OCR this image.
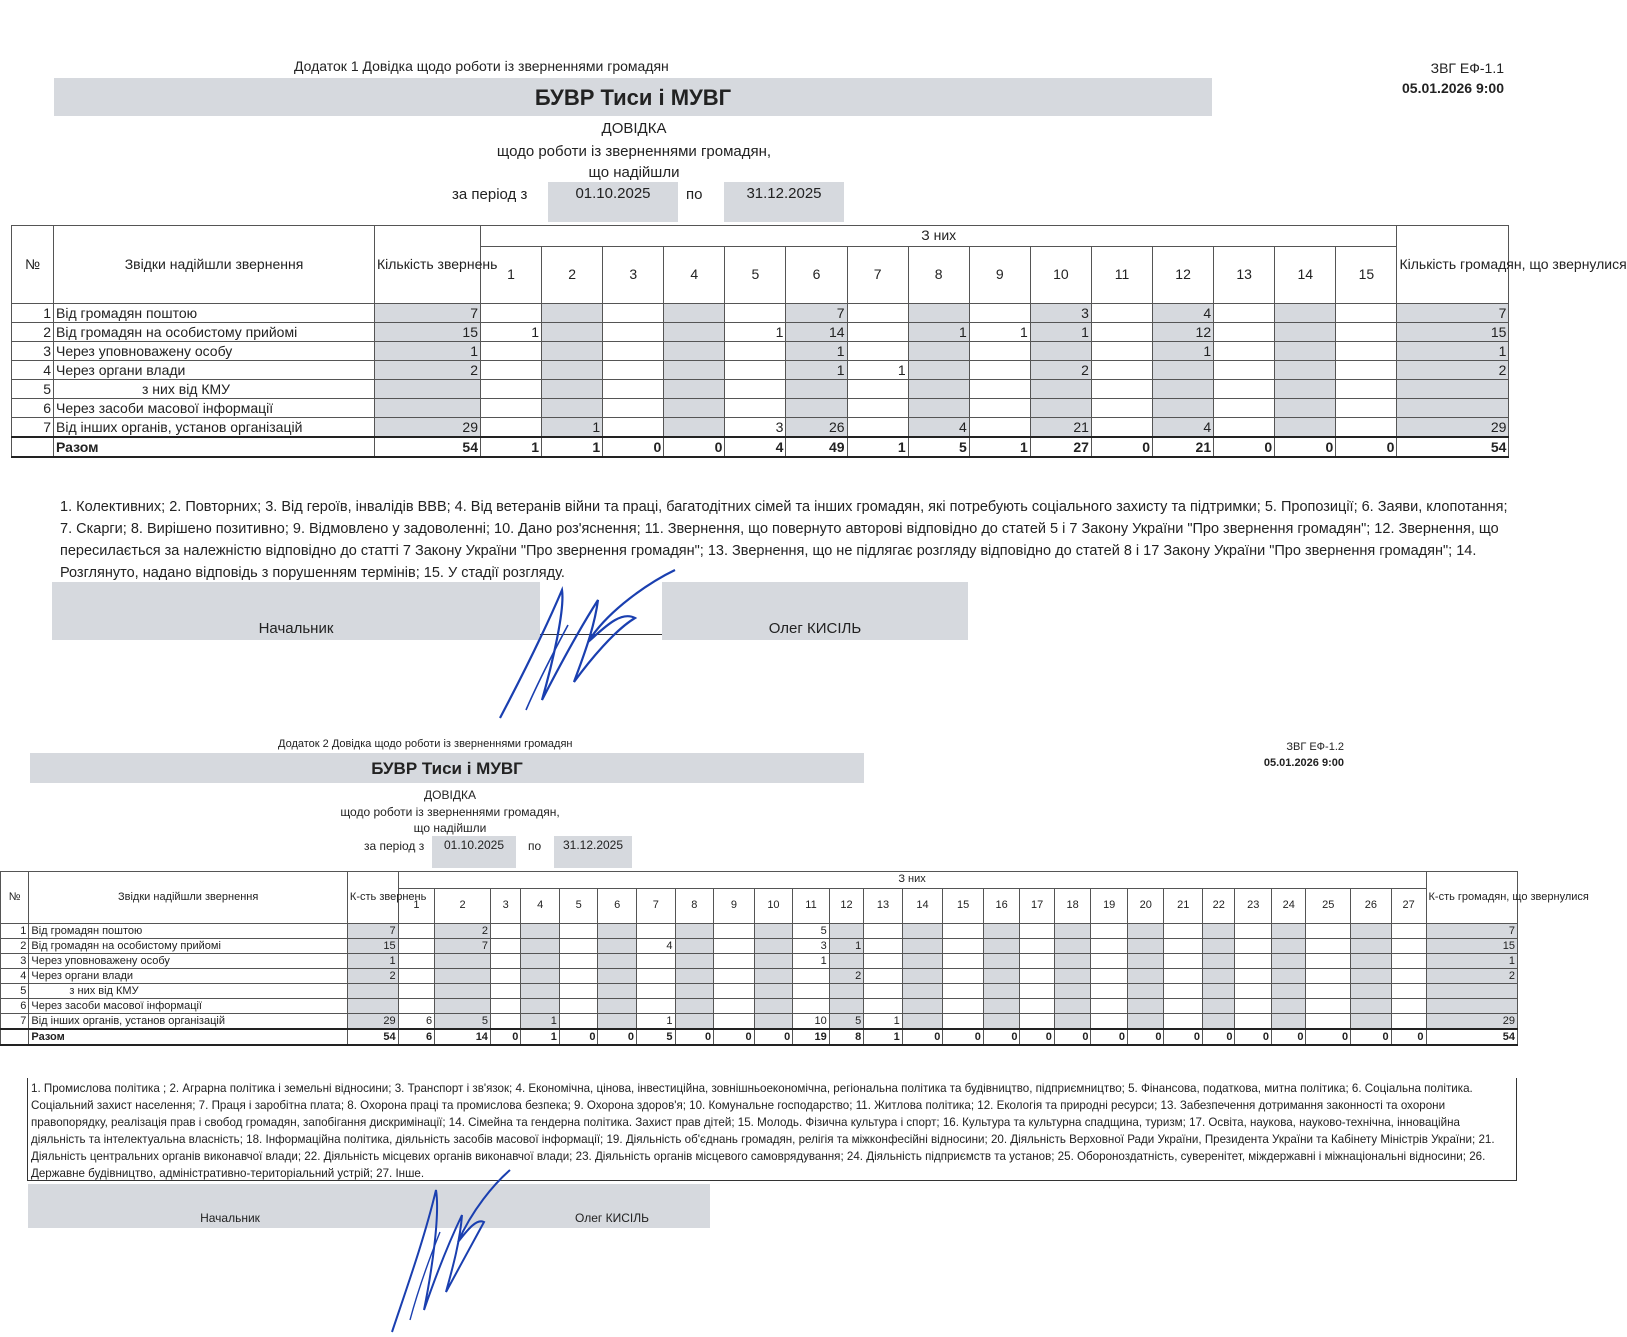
Додаток 1 Довідка щодо роботи із зверненнями громадян	ЗВГ ЕФ-1.1
05.01.2026 9:00
БУВР Тиси і МУВГ
ДОВІДКА
щодо роботи із зверненнями громадян,
що надійшли
за період з	01.10.2025	по	31.12.2025
№	Звідки надійшли звернення	Кількість звернень	З них															Кількість громадян, що звернулися
			1	2	3	4	5	6	7	8	9	10	11	12	13	14	15	
1	Від громадян поштою	7						7				3		4				7
2	Від громадян на особистому прийомі	15	1				1	14		1	1	1		12				15
3	Через уповноважену особу	1						1						1				1
4	Через органи влади	2						1	1			2						2
5	з них від КМУ																	
6	Через засоби масової інформації																	
7	Від інших органів, установ організацій	29		1			3	26		4		21		4				29
	Разом	54	1	1	0	0	4	49	1	5	1	27	0	21	0	0	0	54
1. Колективних; 2. Повторних; 3. Від героїв, інвалідів ВВВ; 4. Від ветеранів війни та праці, багатодітних сімей та інших громадян, які потребують соціального захисту та підтримки; 5. Пропозиції; 6. Заяви, клопотання; 7. Скарги; 8. Вирішено позитивно; 9. Відмовлено у задоволенні; 10. Дано роз'яснення; 11. Звернення, що повернуто авторові відповідно до статей 5 і 7 Закону України "Про звернення громадян"; 12. Звернення, що пересилається за належністю відповідно до статті 7 Закону України "Про звернення громадян"; 13. Звернення, що не підлягає розгляду відповідно до статей 8 і 17 Закону України "Про звернення громадян"; 14. Розглянуто, надано відповідь з порушенням термінів; 15. У стадії розгляду.
Начальник	Олег КИСІЛЬ
Додаток 2 Довідка щодо роботи із зверненнями громадян	ЗВГ ЕФ-1.2
05.01.2026 9:00
БУВР Тиси і МУВГ
ДОВІДКА
щодо роботи із зверненнями громадян,
що надійшли
за період з	01.10.2025	по	31.12.2025
№	Звідки надійшли звернення	К-сть звернень	З них																											К-сть громадян, що звернулися
			1	2	3	4	5	6	7	8	9	10	11	12	13	14	15	16	17	18	19	20	21	22	23	24	25	26	27	
1	Від громадян поштою	7		2									5																	7
2	Від громадян на особистому прийомі	15		7					4				3	1																15
3	Через уповноважену особу	1											1																	1
4	Через органи влади	2												2																2
5	з них від КМУ																													
6	Через засоби масової інформації																													
7	Від інших органів, установ організацій	29	6	5		1			1				10	5	1															29
	Разом	54	6	14	0	1	0	0	5	0	0	0	19	8	1	0	0	0	0	0	0	0	0	0	0	0	0	0	0	54
1. Промислова політика ; 2. Аграрна політика і земельні відносини; 3. Транспорт і зв'язок; 4. Економічна, цінова, інвестиційна, зовнішньоекономічна, регіональна політика та будівництво, підприємництво; 5. Фінансова, податкова, митна політика; 6. Соціальна політика. Соціальний захист населення; 7. Праця і заробітна плата; 8. Охорона праці та промислова безпека; 9. Охорона здоров'я; 10. Комунальне господарство; 11. Житлова політика; 12. Екологія та природні ресурси; 13. Забезпечення дотримання законності та охорони правопорядку, реалізація прав і свобод громадян, запобігання дискримінації; 14. Сімейна та гендерна політика. Захист прав дітей; 15. Молодь. Фізична культура і спорт; 16. Культура та культурна спадщина, туризм; 17. Освіта, наукова, науково-технічна, інноваційна діяльність та інтелектуальна власність; 18. Інформаційна політика, діяльність засобів масової інформації; 19. Діяльність об'єднань громадян, релігія та міжконфесійні відносини; 20. Діяльність Верховної Ради України, Президента України та Кабінету Міністрів України; 21. Діяльність центральних органів виконавчої влади; 22. Діяльність місцевих органів виконавчої влади; 23. Діяльність органів місцевого самоврядування; 24. Діяльність підприємств та установ; 25. Обороноздатність, суверенітет, міждержавні і міжнаціональні відносини; 26. Державне будівництво, адміністративно-територіальний устрій; 27. Інше.
Начальник	Олег КИСІЛЬ
